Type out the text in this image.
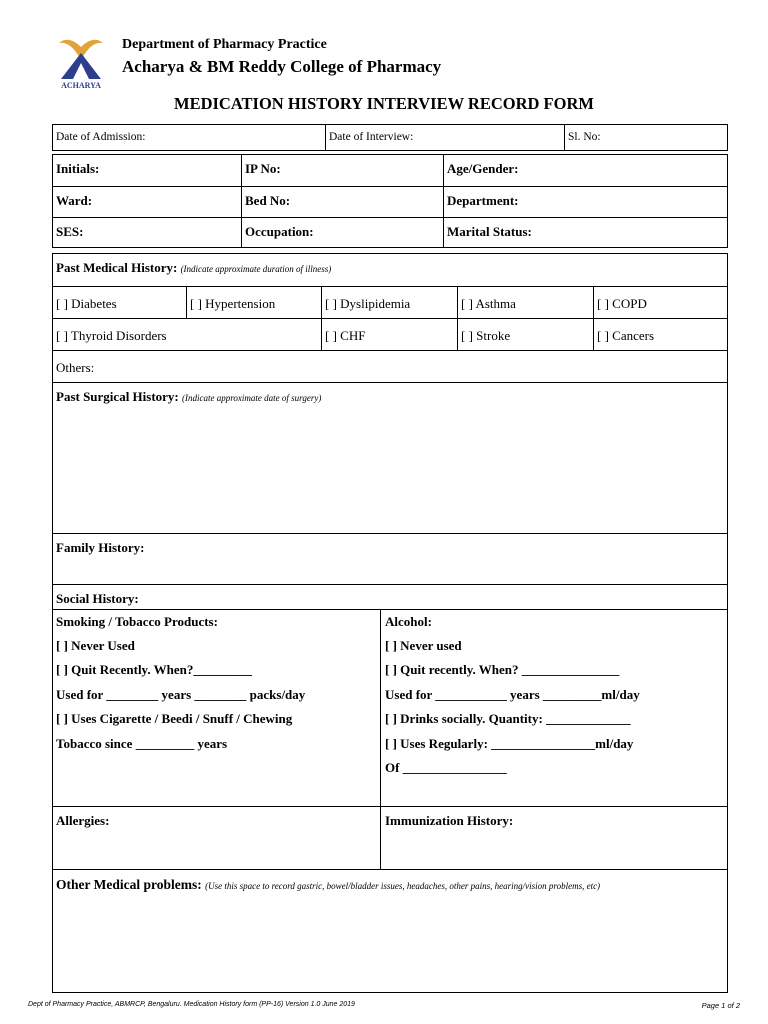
ACHARYA
Department of Pharmacy Practice
Acharya & BM Reddy College of Pharmacy
MEDICATION HISTORY INTERVIEW RECORD FORM
Date of Admission:	Date of Interview:	Sl. No:
Initials:	IP No:	Age/Gender:
Ward:	Bed No:	Department:
SES:	Occupation:	Marital Status:
Past Medical History: (Indicate approximate duration of illness)
[ ] Diabetes	[ ] Hypertension	[ ] Dyslipidemia	[ ] Asthma	[ ] COPD
[ ] Thyroid Disorders	[ ] CHF	[ ] Stroke	[ ] Cancers
Others:
Past Surgical History: (Indicate approximate date of surgery)
Family History:
Social History:
Smoking / Tobacco Products:
[ ] Never Used
[ ] Quit Recently. When?_________
Used for ________ years ________ packs/day
[ ] Uses Cigarette / Beedi / Snuff / Chewing
Tobacco since _________ years
Alcohol:
[ ] Never used
[ ] Quit recently. When? _______________
Used for ___________ years _________ml/day
[ ] Drinks socially. Quantity: _____________
[ ] Uses Regularly: ________________ml/day
Of ________________
Allergies:	Immunization History:
Other Medical problems: (Use this space to record gastric, bowel/bladder issues, headaches, other pains, hearing/vision problems, etc)
Dept of Pharmacy Practice, ABMRCP, Bengaluru. Medication History form (PP-16) Version 1.0 June 2019	Page 1 of 2
